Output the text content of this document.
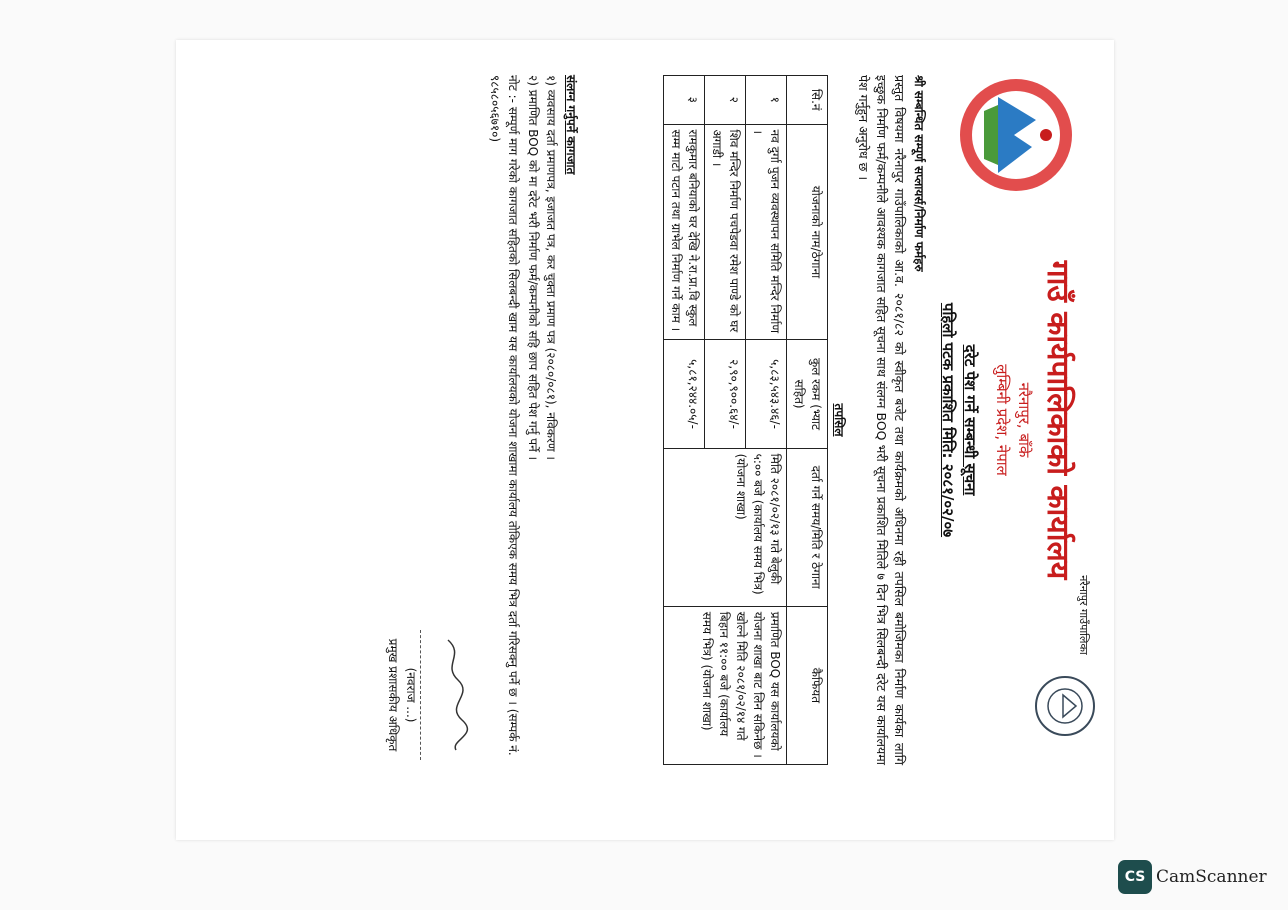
नरैनापुर गाउँपालिका
गाउँ कार्यपालिकाको कार्यालय
नरैनापुर, बाँके
लुम्बिनी प्रदेश, नेपाल
दरेट पेश गर्ने सम्बन्धी सूचना
पहिलो पटक प्रकाशित मिति: २०८१/०२/०७
श्री सम्बन्धित सम्पूर्ण सप्लायर्स/निर्माण फर्महरु
प्रस्तुत विषयमा नरैनापुर गाउँपालिकाको आ.व. २०८१/८२ को स्वीकृत बजेट तथा कार्यक्रमको अधिनमा रही तपसिल बमोजिमका निर्माण कार्यका लागि इच्छुक निर्माण फर्म/कम्पनीले आवश्यक कागजात सहित सूचना साथ संलग्न BOQ भरी सूचना प्रकाशित मितिले ७ दिन भित्र सिलबन्दी दरेट यस कार्यालयमा पेश गर्नुहुन अनुरोध छ ।
तपसिल
सि.नं	योजनाको नाम/ठेगाना	कुल रकम (भ्याट सहित)	दर्ता गर्ने समय/मिति र ठेगाना	कैफियत
१	नव दुर्गा पुजन व्यवस्थापन समिति मन्दिर निर्माण ।	५,८३,५४३.४६/-	मिति २०८१/०२/१३ गते बेलुकी ५:०० बजे (कार्यालय समय भित्र) (योजना शाखा)	प्रमाणित BOQ यस कार्यालयको योजना शाखा बाट लिन सकिनेछ । खोल्ने मिति २०८१/०२/१४ गते बिहान ११:०० बजे (कार्यालय समय भित्र) (योजना शाखा)
२	शिव मन्दिर निर्माण पचपेडवा रमेश पाण्डे को घर अगाडी ।	२,९०,९००.६४/-		
३	रामकुमार बनियाको घर देखि ने.रा.प्रा.वि स्कुल सम्म माटो पटान तथा ग्राभेल निर्माण गर्ने काम ।	५,८१,२४४.०५/-		
संलग्न गर्नुपर्ने कागजात
१) व्यवसाय दर्ता प्रमाणपत्र, इजाजत पत्र, कर चुक्ता प्रमाण पत्र (२०८०/०८१), नविकरण ।
२) प्रमाणित BOQ को मा दरेट भरी निर्माण फर्म/कम्पनीको सहि छाप सहित पेश गर्नु पर्ने ।
नोट :- सम्पूर्ण माग गरेको कागजात सहितको सिलबन्दी खाम यस कार्यालयको योजना शाखामा कार्यालय तोकिएक समय भित्र दर्ता गरिसक्नु पर्ने छ । (सम्पर्क नं. ९८५८०५६७१०)
(नवराज ...)
प्रमुख प्रशासकीय अधिकृत
CS CamScanner
